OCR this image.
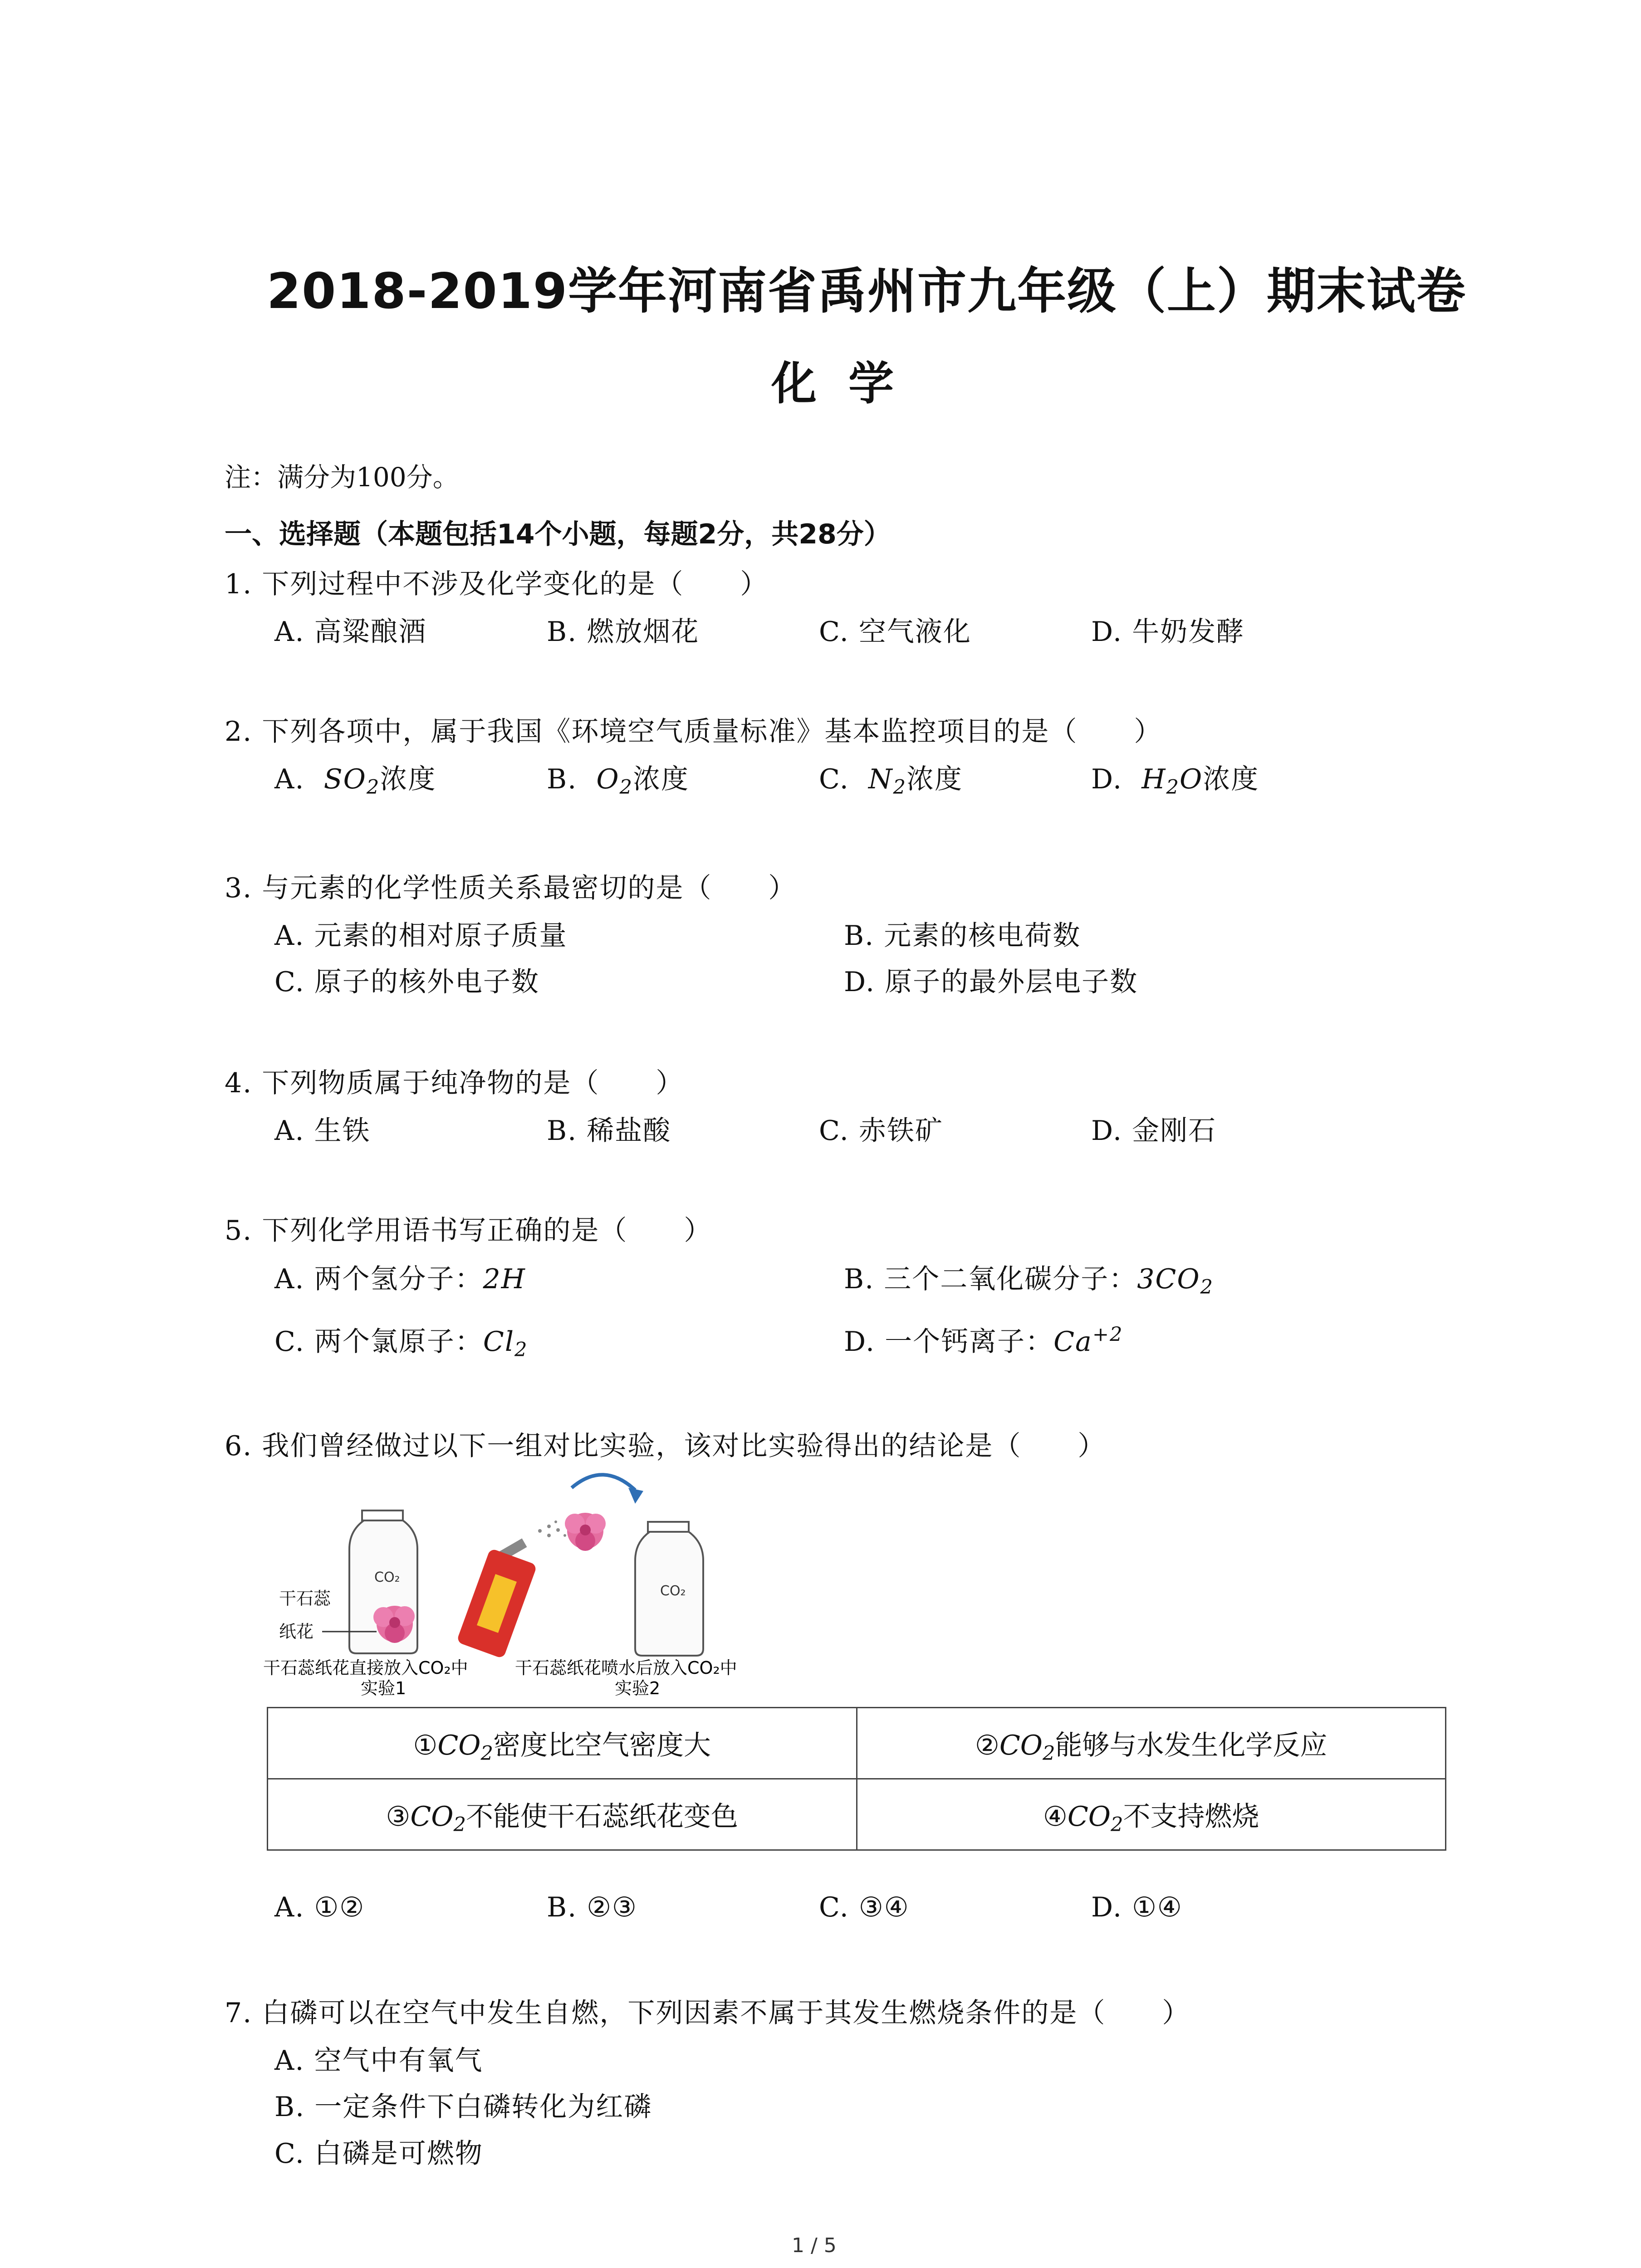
2018-2019学年河南省禹州市九年级（上）期末试卷
化学
注：满分为100分。
一、选择题（本题包括14个小题，每题2分，共28分）
1. 下列过程中不涉及化学变化的是（　　）
A. 高粱酿酒	B. 燃放烟花	C. 空气液化	D. 牛奶发酵
2. 下列各项中，属于我国《环境空气质量标准》基本监控项目的是（　　）
A. $SO_2$浓度	B. $O_2$浓度	C. $N_2$浓度	D. $H_2O$浓度
3. 与元素的化学性质关系最密切的是（　　）
A. 元素的相对原子质量	B. 元素的核电荷数
C. 原子的核外电子数	D. 原子的最外层电子数
4. 下列物质属于纯净物的是（　　）
A. 生铁	B. 稀盐酸	C. 赤铁矿	D. 金刚石
5. 下列化学用语书写正确的是（　　）
A. 两个氢分子：2H	B. 三个二氧化碳分子：$3CO_2$
C. 两个氯原子：$Cl_2$	D. 一个钙离子：$Ca^{+2}$
6. 我们曾经做过以下一组对比实验，该对比实验得出的结论是（　　）
CO₂
干石蕊
纸花
CO₂
干石蕊纸花直接放入CO₂中
实验1
干石蕊纸花喷水后放入CO₂中
实验2
$①CO_2$密度比空气密度大	$②CO_2$能够与水发生化学反应
$③CO_2$不能使干石蕊纸花变色	$④CO_2$不支持燃烧
A. ①②	B. ②③	C. ③④	D. ①④
7. 白磷可以在空气中发生自燃，下列因素不属于其发生燃烧条件的是（　　）
A. 空气中有氧气
B. 一定条件下白磷转化为红磷
C. 白磷是可燃物
1 / 5
